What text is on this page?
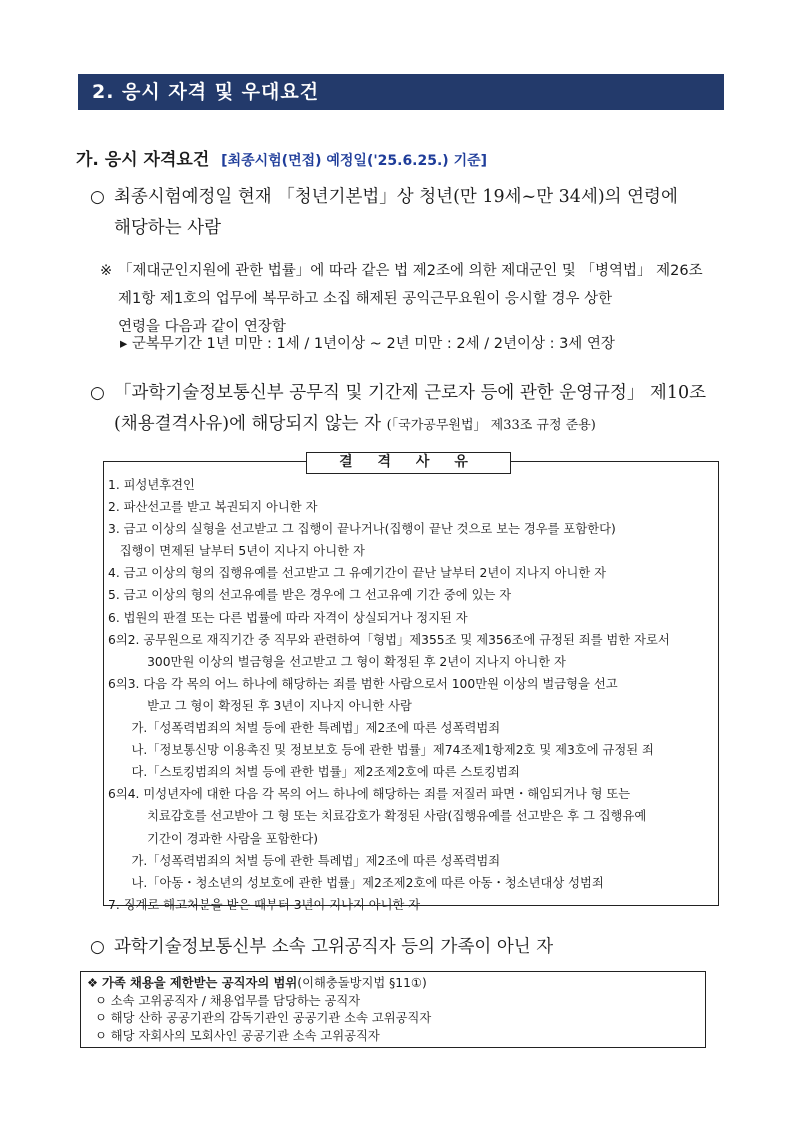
2. 응시 자격 및 우대요건
가. 응시 자격요건 [최종시험(면접) 예정일('25.6.25.) 기준]
○ 최종시험예정일 현재 「청년기본법」상 청년(만 19세~만 34세)의 연령에
해당하는 사람
※ 「제대군인지원에 관한 법률」에 따라 같은 법 제2조에 의한 제대군인 및 「병역법」 제26조
제1항 제1호의 업무에 복무하고 소집 해제된 공익근무요원이 응시할 경우 상한
연령을 다음과 같이 연장함
▸ 군복무기간 1년 미만 : 1세 / 1년이상 ~ 2년 미만 : 2세 / 2년이상 : 3세 연장
○ 「과학기술정보통신부 공무직 및 기간제 근로자 등에 관한 운영규정」 제10조
(채용결격사유)에 해당되지 않는 자 (「국가공무원법」 제33조 규정 준용)
결 격 사 유
1. 피성년후견인
2. 파산선고를 받고 복권되지 아니한 자
3. 금고 이상의 실형을 선고받고 그 집행이 끝나거나(집행이 끝난 것으로 보는 경우를 포함한다)
집행이 면제된 날부터 5년이 지나지 아니한 자
4. 금고 이상의 형의 집행유예를 선고받고 그 유예기간이 끝난 날부터 2년이 지나지 아니한 자
5. 금고 이상의 형의 선고유예를 받은 경우에 그 선고유예 기간 중에 있는 자
6. 법원의 판결 또는 다른 법률에 따라 자격이 상실되거나 정지된 자
6의2. 공무원으로 재직기간 중 직무와 관련하여「형법」제355조 및 제356조에 규정된 죄를 범한 자로서
300만원 이상의 벌금형을 선고받고 그 형이 확정된 후 2년이 지나지 아니한 자
6의3. 다음 각 목의 어느 하나에 해당하는 죄를 범한 사람으로서 100만원 이상의 벌금형을 선고
받고 그 형이 확정된 후 3년이 지나지 아니한 사람
가.「성폭력범죄의 처벌 등에 관한 특례법」제2조에 따른 성폭력범죄
나.「정보통신망 이용촉진 및 정보보호 등에 관한 법률」제74조제1항제2호 및 제3호에 규정된 죄
다.「스토킹범죄의 처벌 등에 관한 법률」제2조제2호에 따른 스토킹범죄
6의4. 미성년자에 대한 다음 각 목의 어느 하나에 해당하는 죄를 저질러 파면・해임되거나 형 또는
치료감호를 선고받아 그 형 또는 치료감호가 확정된 사람(집행유예를 선고받은 후 그 집행유예
기간이 경과한 사람을 포함한다)
가.「성폭력범죄의 처벌 등에 관한 특례법」제2조에 따른 성폭력범죄
나.「아동・청소년의 성보호에 관한 법률」제2조제2호에 따른 아동・청소년대상 성범죄
7. 징계로 해고처분을 받은 때부터 3년이 지나지 아니한 자
○ 과학기술정보통신부 소속 고위공직자 등의 가족이 아닌 자
❖ 가족 채용을 제한받는 공직자의 범위(이해충돌방지법 §11①)
ㅇ 소속 고위공직자 / 채용업무를 담당하는 공직자
ㅇ 해당 산하 공공기관의 감독기관인 공공기관 소속 고위공직자
ㅇ 해당 자회사의 모회사인 공공기관 소속 고위공직자
